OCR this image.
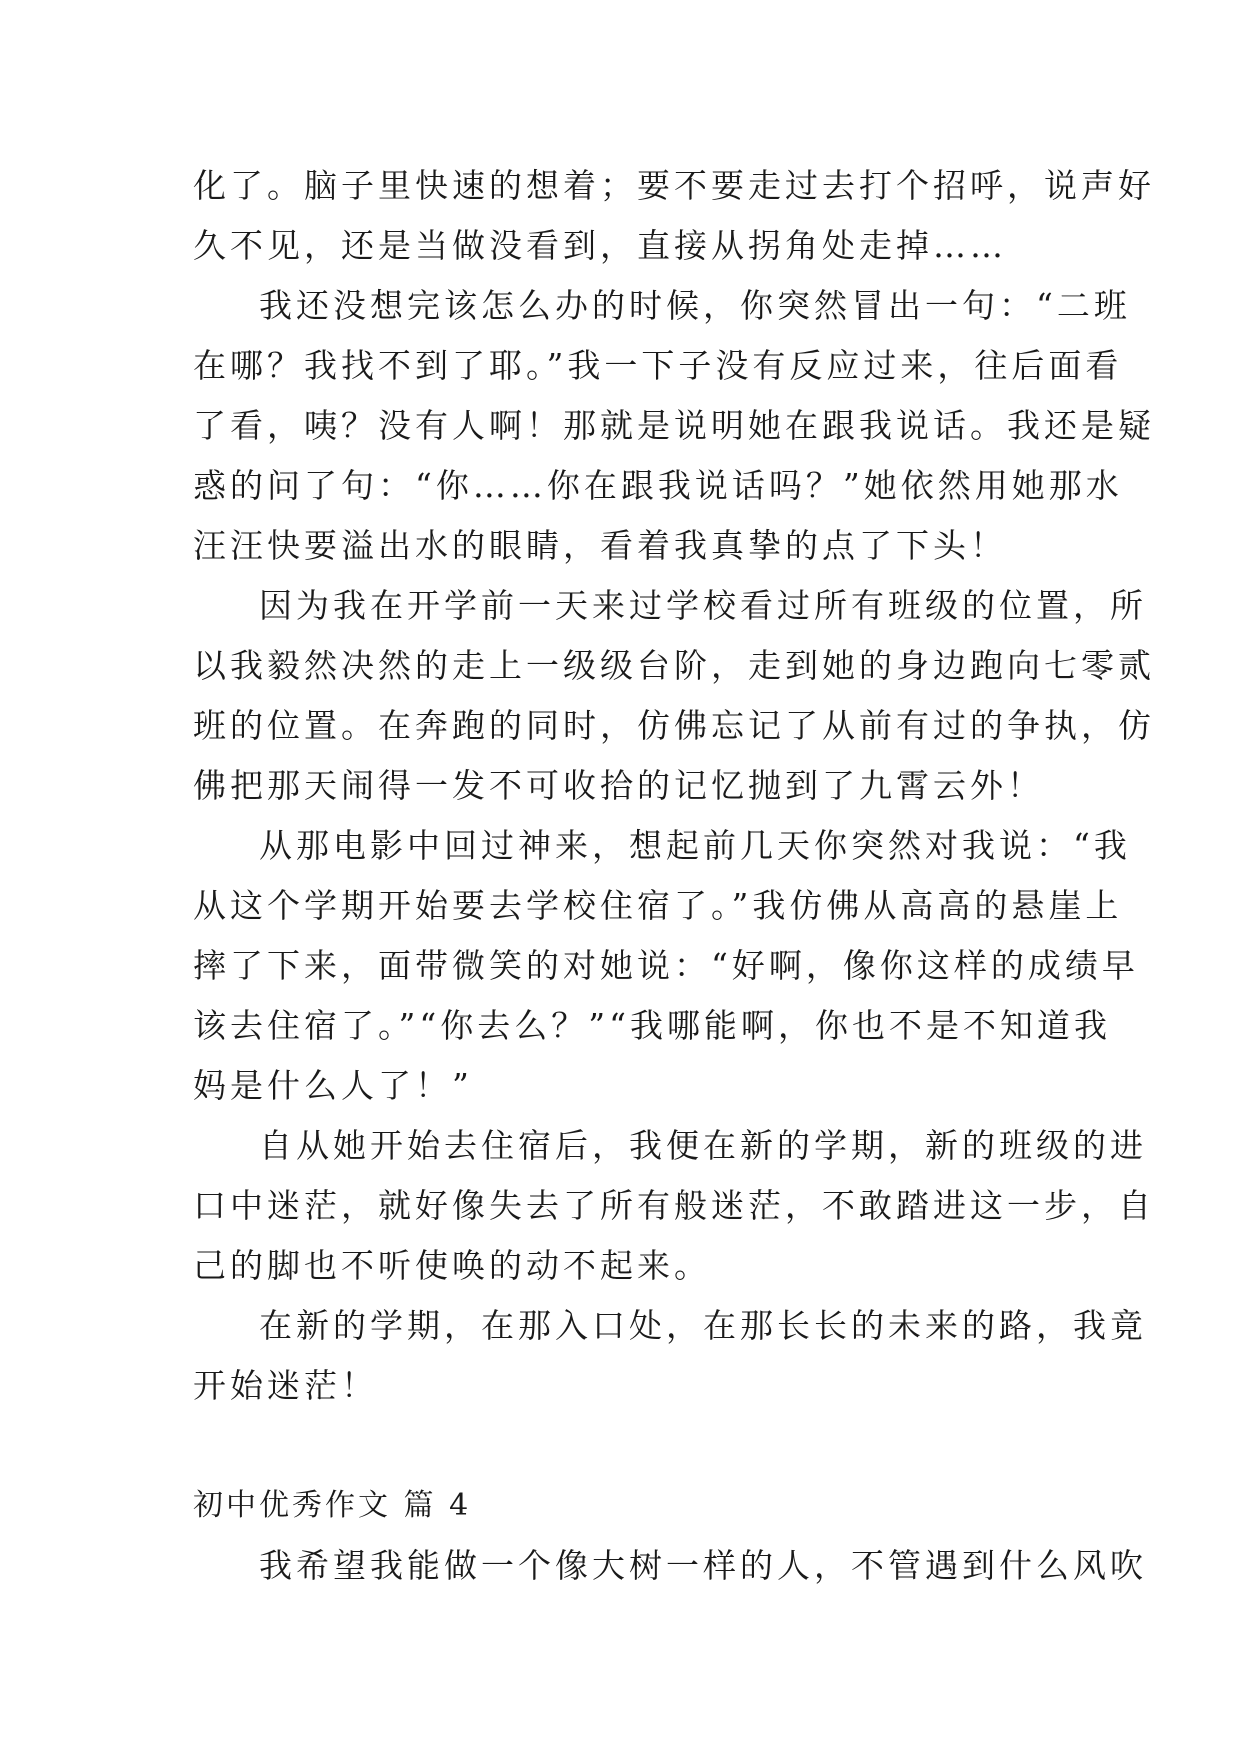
化了。脑子里快速的想着；要不要走过去打个招呼，说声好
久不见，还是当做没看到，直接从拐角处走掉……
我还没想完该怎么办的时候，你突然冒出一句：“二班
在哪？我找不到了耶。”我一下子没有反应过来，往后面看
了看，咦？没有人啊！那就是说明她在跟我说话。我还是疑
惑的问了句：“你……你在跟我说话吗？”她依然用她那水
汪汪快要溢出水的眼睛，看着我真挚的点了下头！
因为我在开学前一天来过学校看过所有班级的位置，所
以我毅然决然的走上一级级台阶，走到她的身边跑向七零贰
班的位置。在奔跑的同时，仿佛忘记了从前有过的争执，仿
佛把那天闹得一发不可收拾的记忆抛到了九霄云外！
从那电影中回过神来，想起前几天你突然对我说：“我
从这个学期开始要去学校住宿了。”我仿佛从高高的悬崖上
摔了下来，面带微笑的对她说：“好啊，像你这样的成绩早
该去住宿了。”“你去么？”“我哪能啊，你也不是不知道我
妈是什么人了！”
自从她开始去住宿后，我便在新的学期，新的班级的进
口中迷茫，就好像失去了所有般迷茫，不敢踏进这一步，自
己的脚也不听使唤的动不起来。
在新的学期，在那入口处，在那长长的未来的路，我竟
开始迷茫！
初中优秀作文 篇 4
我希望我能做一个像大树一样的人，不管遇到什么风吹
